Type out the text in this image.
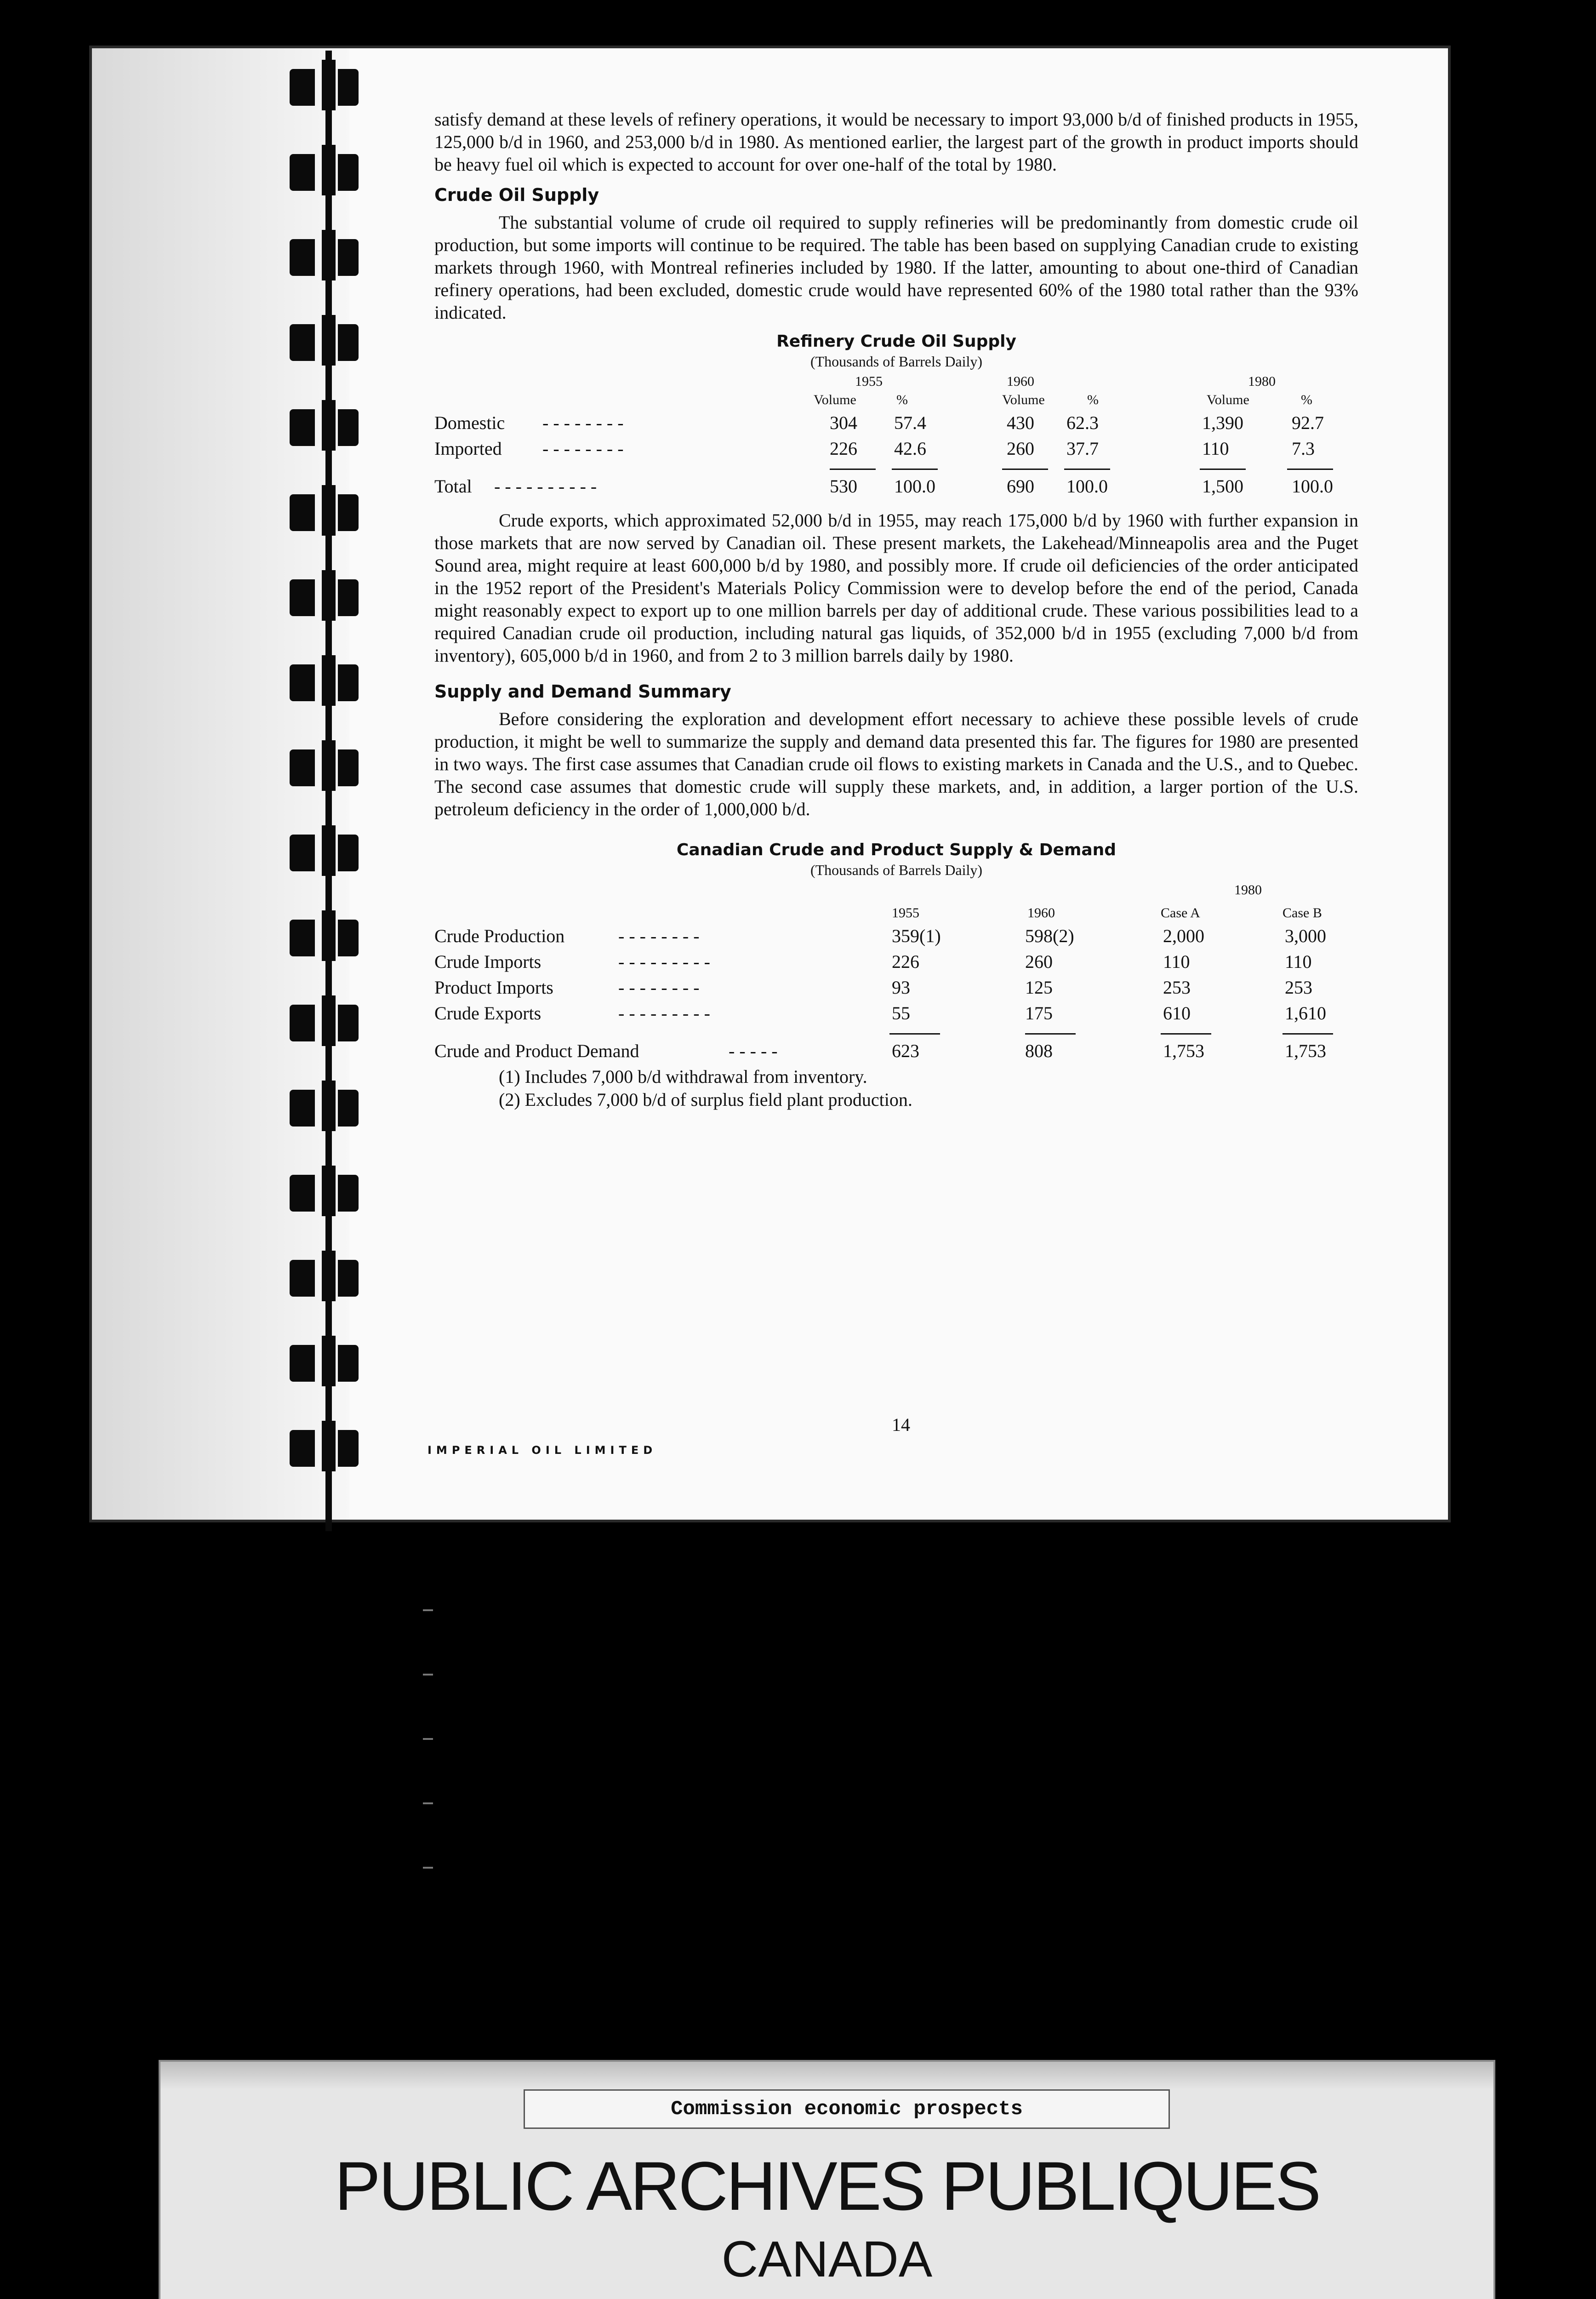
satisfy demand at these levels of refinery operations, it would be necessary to import 93,000 b/d of finished products in 1955, 125,000 b/d in 1960, and 253,000 b/d in 1980. As mentioned earlier, the largest part of the growth in product imports should be heavy fuel oil which is expected to account for over one-half of the total by 1980.

Crude Oil Supply

The substantial volume of crude oil required to supply refineries will be predominantly from domestic crude oil production, but some imports will continue to be required. The table has been based on supplying Canadian crude to existing markets through 1960, with Montreal refineries included by 1980. If the latter, amounting to about one-third of Canadian refinery operations, had been excluded, domestic crude would have represented 60% of the 1980 total rather than the 93% indicated.

Refinery Crude Oil Supply
(Thousands of Barrels Daily)
1955	1960	1980
Volume	%	Volume	%	Volume	%
Domestic - - - - - - - -	304 57.4	430 62.3	1,390	92.7
Imported - - - - - - - -	226 42.6	260 37.7	110	7.3
Total - - - - - - - - - -	530 100.0	690 100.0	1,500	100.0

Crude exports, which approximated 52,000 b/d in 1955, may reach 175,000 b/d by 1960 with further expansion in those markets that are now served by Canadian oil. These present markets, the Lakehead/Minneapolis area and the Puget Sound area, might require at least 600,000 b/d by 1980, and possibly more. If crude oil deficiencies of the order anticipated in the 1952 report of the President's Materials Policy Commission were to develop before the end of the period, Canada might reasonably expect to export up to one million barrels per day of additional crude. These various possibilities lead to a required Canadian crude oil production, including natural gas liquids, of 352,000 b/d in 1955 (excluding 7,000 b/d from inventory), 605,000 b/d in 1960, and from 2 to 3 million barrels daily by 1980.

Supply and Demand Summary

Before considering the exploration and development effort necessary to achieve these possible levels of crude production, it might be well to summarize the supply and demand data presented this far. The figures for 1980 are presented in two ways. The first case assumes that Canadian crude oil flows to existing markets in Canada and the U.S., and to Quebec. The second case assumes that domestic crude will supply these markets, and, in addition, a larger portion of the U.S. petroleum deficiency in the order of 1,000,000 b/d.

Canadian Crude and Product Supply & Demand
(Thousands of Barrels Daily)
1980
1955	1960	Case A	Case B
Crude Production	- - - - - - - -	359(1)	598(2)	2,000	3,000
Crude Imports	- - - - - - - - -	226	260	110	110
Product Imports	- - - - - - - -	93	125	253	253
Crude Exports	- - - - - - - - -	55	175	610	1,610
Crude and Product Demand	- - - - -	623	808	1,753	1,753
(1) Includes 7,000 b/d withdrawal from inventory.
(2) Excludes 7,000 b/d of surplus field plant production.
14
IMPERIAL OIL LIMITED
Commission economic prospects
PUBLIC ARCHIVES PUBLIQUES
CANADA
